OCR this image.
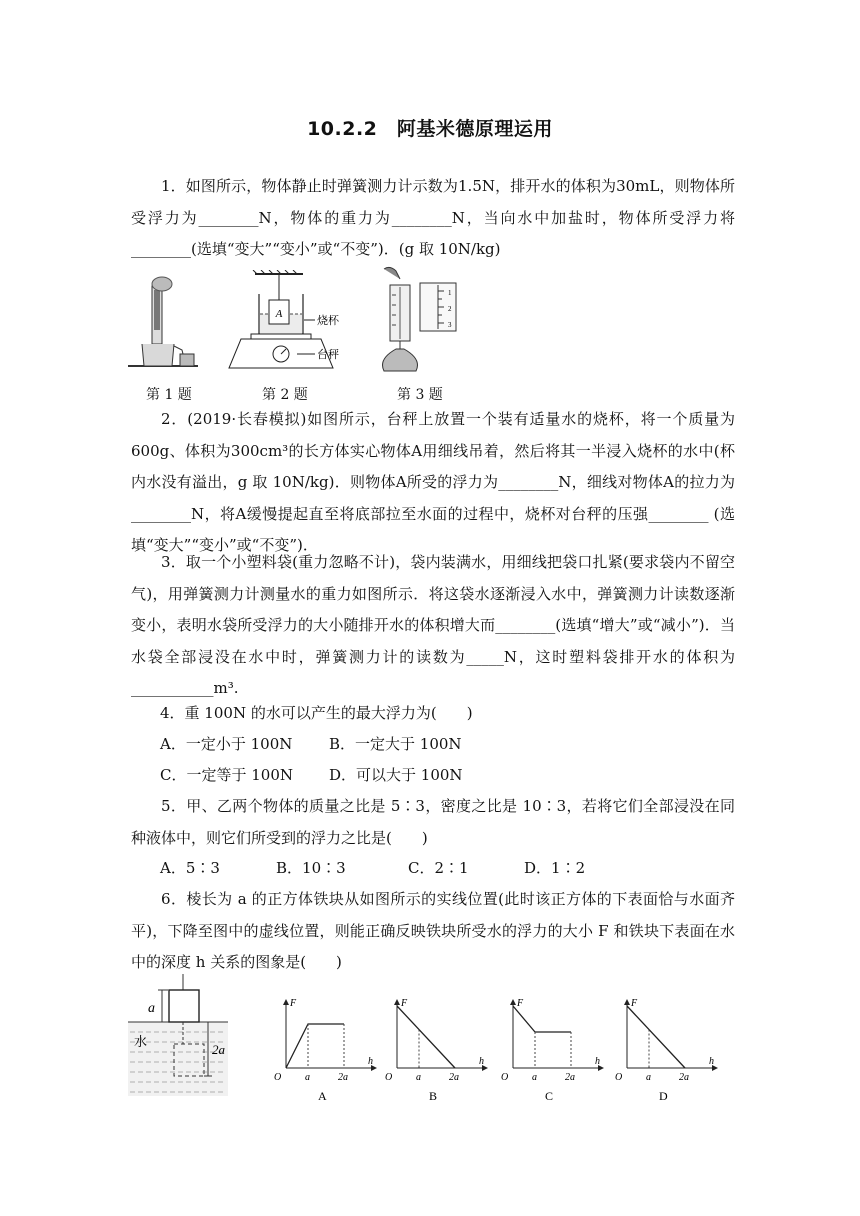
10.2.2　阿基米德原理运用
1．如图所示，物体静止时弹簧测力计示数为1.5N，排开水的体积为30mL，则物体所受浮力为________N，物体的重力为________N，当向水中加盐时，物体所受浮力将________(选填“变大”“变小”或“不变”)．(g 取 10N/kg)
A
烧杯
台秤
1
2
3
第 1 题	第 2 题	第 3 题
2．(2019·长春模拟)如图所示，台秤上放置一个装有适量水的烧杯，将一个质量为600g、体积为300cm³的长方体实心物体A用细线吊着，然后将其一半浸入烧杯的水中(杯内水没有溢出，g 取 10N/kg)．则物体A所受的浮力为________N，细线对物体A的拉力为________N，将A缓慢提起直至将底部拉至水面的过程中，烧杯对台秤的压强________ (选填“变大”“变小”或“不变”)．
3．取一个小塑料袋(重力忽略不计)，袋内装满水，用细线把袋口扎紧(要求袋内不留空气)，用弹簧测力计测量水的重力如图所示．将这袋水逐渐浸入水中，弹簧测力计读数逐渐变小，表明水袋所受浮力的大小随排开水的体积增大而________(选填“增大”或“减小”)．当水袋全部浸没在水中时，弹簧测力计的读数为_____N，这时塑料袋排开水的体积为___________m³.
4．重 100N 的水可以产生的最大浮力为(　　)
A．一定小于 100N B．一定大于 100N
C．一定等于 100N D．可以大于 100N
5．甲、乙两个物体的质量之比是 5∶3，密度之比是 10∶3，若将它们全部浸没在同种液体中，则它们所受到的浮力之比是(　　)
A．5∶3	B．10∶3	C．2∶1	D．1∶2
6．棱长为 a 的正方体铁块从如图所示的实线位置(此时该正方体的下表面恰与水面齐平)，下降至图中的虚线位置，则能正确反映铁块所受水的浮力的大小 F 和铁块下表面在水中的深度 h 关系的图象是(　　)
a
水
2a
F
h
O a	2a
A
F
h
O a	2a
B
F
h
O a	2a
C
F
h
O a	2a
D
